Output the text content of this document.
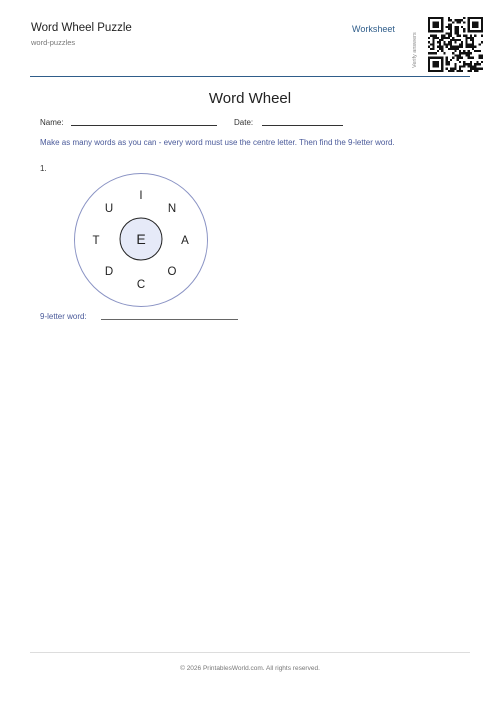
Word Wheel Puzzle
word-puzzles
Worksheet
Verify answers
Word Wheel
Name:	Date:
Make as many words as you can - every word must use the centre letter. Then find the 9-letter word.
1.
E
I
N
A
O
C
D
T
U
9-letter word:
© 2026 PrintablesWorld.com. All rights reserved.
